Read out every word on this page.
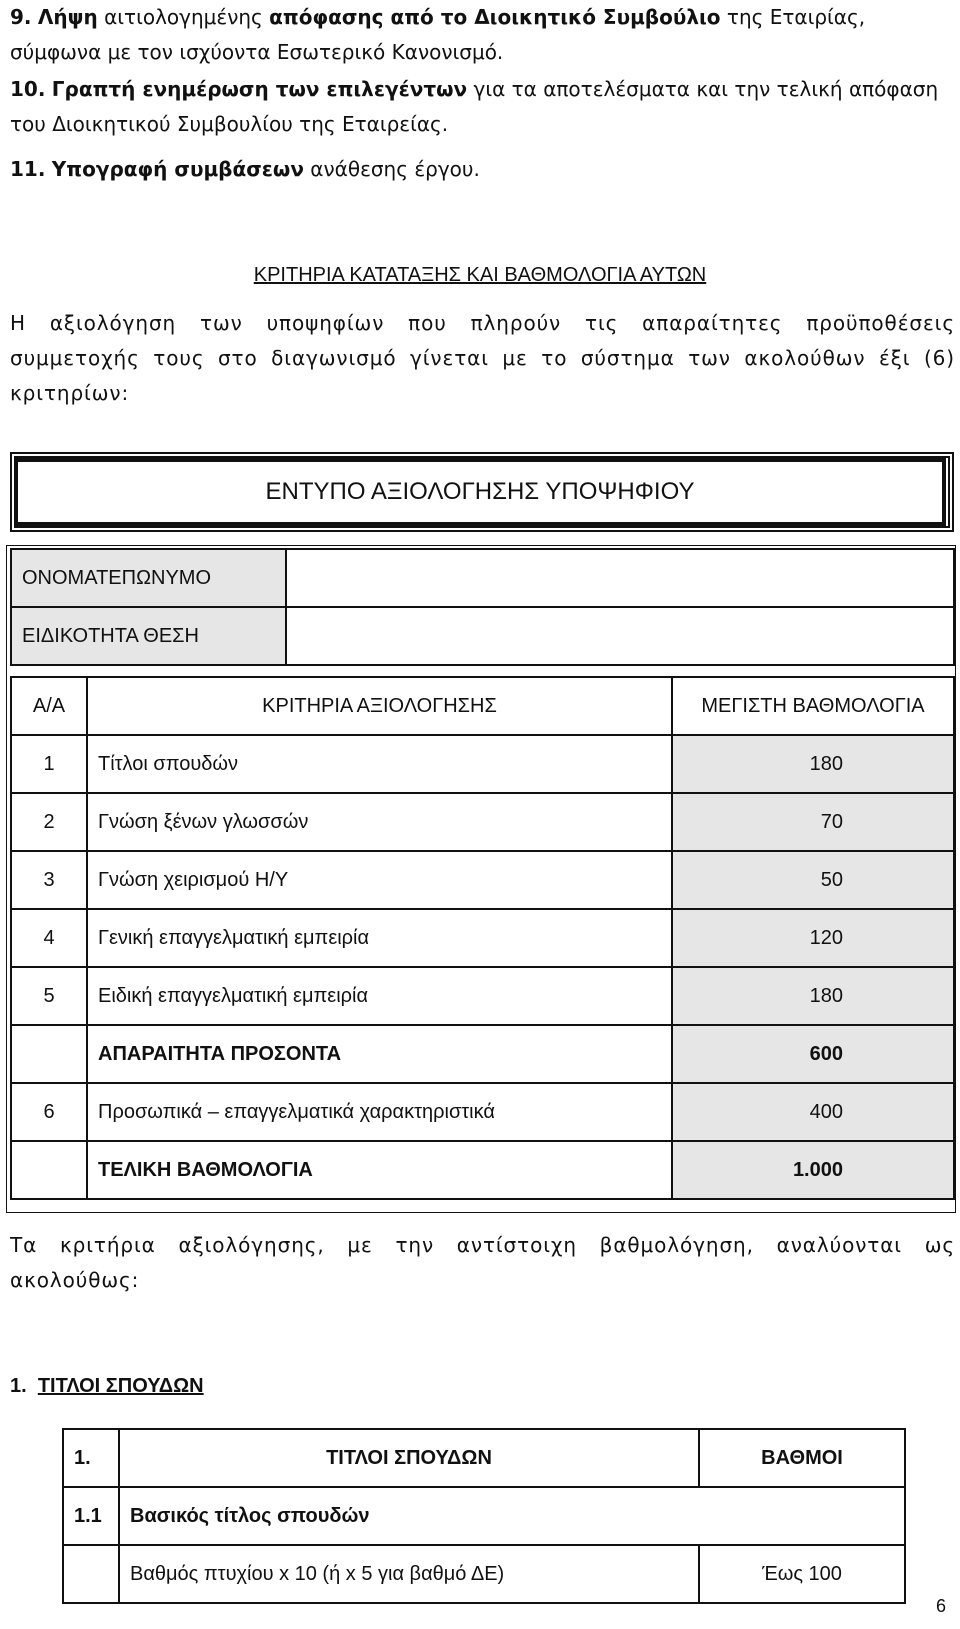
9. Λήψη αιτιολογημένης απόφασης από το Διοικητικό Συμβούλιο της Εταιρίας, σύμφωνα με τον ισχύοντα Εσωτερικό Κανονισμό.

10. Γραπτή ενημέρωση των επιλεγέντων για τα αποτελέσματα και την τελική απόφαση του Διοικητικού Συμβουλίου της Εταιρείας.

11. Υπογραφή συμβάσεων ανάθεσης έργου.

ΚΡΙΤΗΡΙΑ ΚΑΤΑΤΑΞΗΣ ΚΑΙ ΒΑΘΜΟΛΟΓΙΑ ΑΥΤΩΝ

Η αξιολόγηση των υποψηφίων που πληρούν τις απαραίτητες προϋποθέσεις συμμετοχής τους στο διαγωνισμό γίνεται με το σύστημα των ακολούθων έξι (6) κριτηρίων:

ΕΝΤΥΠΟ ΑΞΙΟΛΟΓΗΣΗΣ ΥΠΟΨΗΦΙΟΥ
ΟΝΟΜΑΤΕΠΩΝΥΜΟ	
ΕΙΔΙΚΟΤΗΤΑ ΘΕΣΗ	
Α/Α	ΚΡΙΤΗΡΙΑ ΑΞΙΟΛΟΓΗΣΗΣ	ΜΕΓΙΣΤΗ ΒΑΘΜΟΛΟΓΙΑ
1	Τίτλοι σπουδών	180
2	Γνώση ξένων γλωσσών	70
3	Γνώση χειρισμού Η/Υ	50
4	Γενική επαγγελματική εμπειρία	120
5	Ειδική επαγγελματική εμπειρία	180
	ΑΠΑΡΑΙΤΗΤΑ ΠΡΟΣΟΝΤΑ	600
6	Προσωπικά – επαγγελματικά χαρακτηριστικά	400
	ΤΕΛΙΚΗ ΒΑΘΜΟΛΟΓΙΑ	1.000

Τα κριτήρια αξιολόγησης, με την αντίστοιχη βαθμολόγηση, αναλύονται ως ακολούθως:

1. ΤΙΤΛΟΙ ΣΠΟΥΔΩΝ
1.	ΤΙΤΛΟΙ ΣΠΟΥΔΩΝ	ΒΑΘΜΟΙ
1.1	Βασικός τίτλος σπουδών	
	Βαθμός πτυχίου x 10 (ή x 5 για βαθμό ΔΕ)	Έως 100
6
